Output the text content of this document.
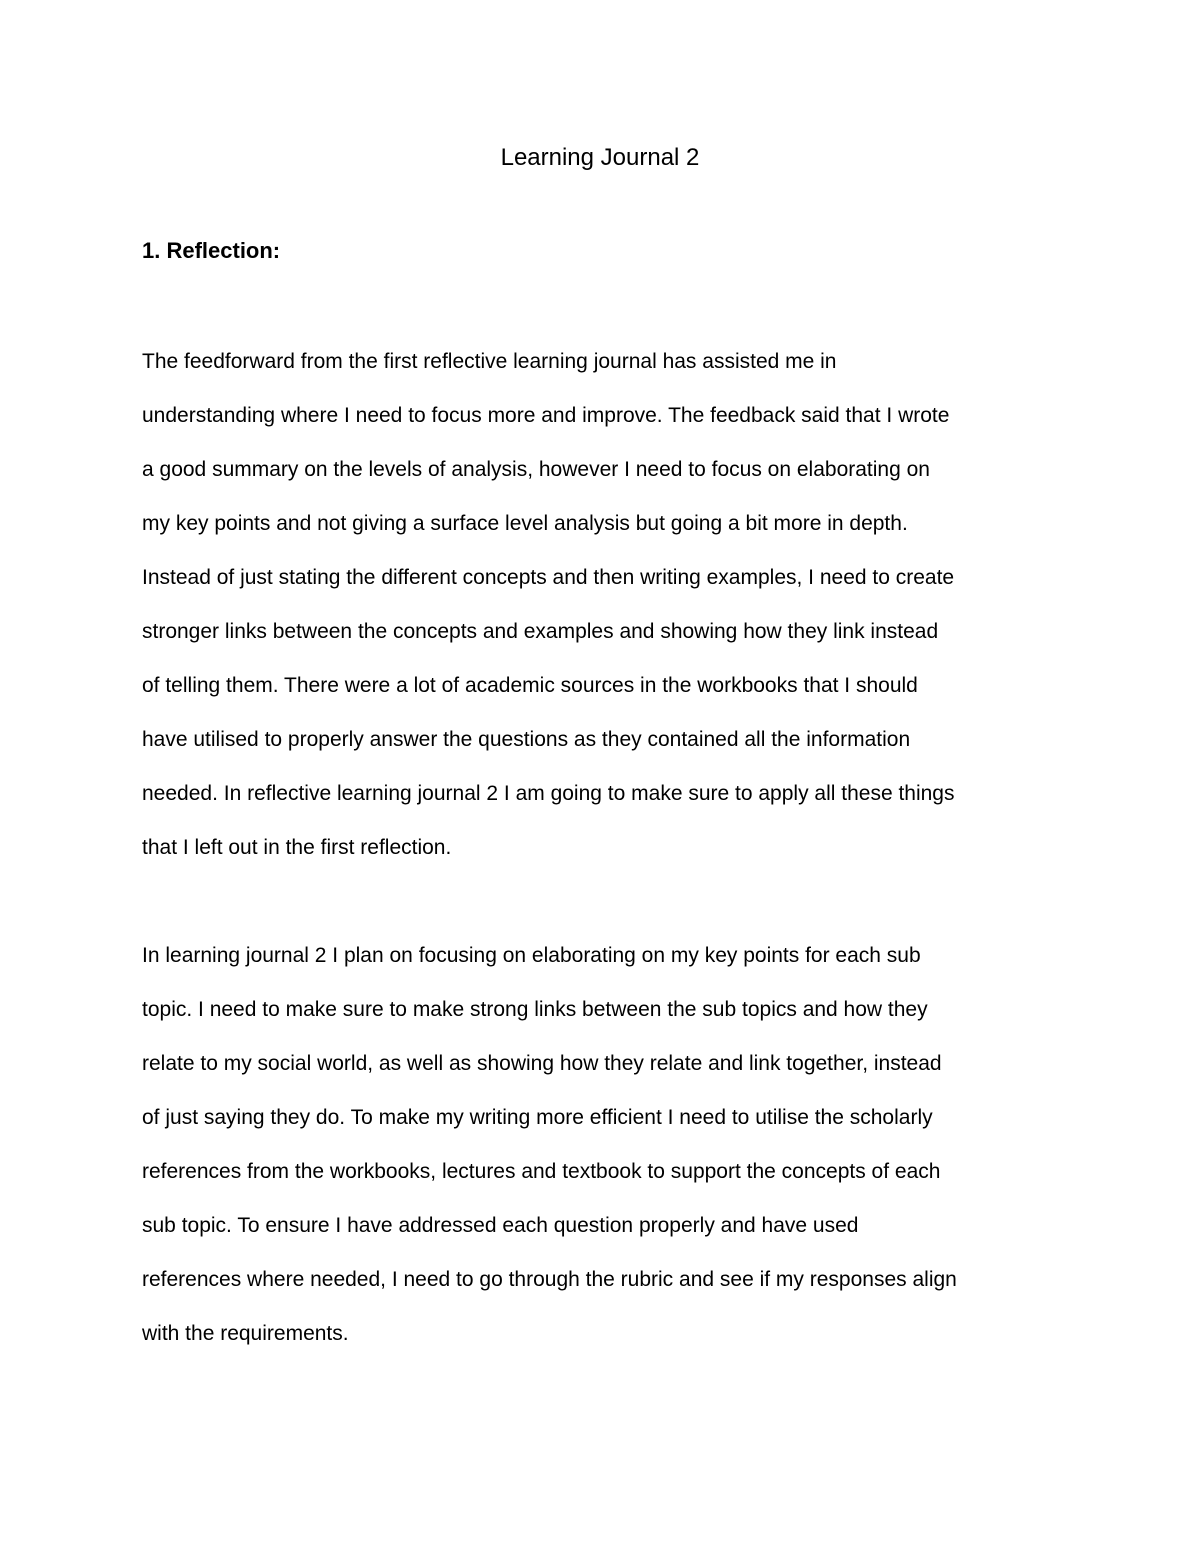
Learning Journal 2
1. Reflection:

The feedforward from the first reflective learning journal has assisted me in

understanding where I need to focus more and improve. The feedback said that I wrote

a good summary on the levels of analysis, however I need to focus on elaborating on

my key points and not giving a surface level analysis but going a bit more in depth.

Instead of just stating the different concepts and then writing examples, I need to create

stronger links between the concepts and examples and showing how they link instead

of telling them. There were a lot of academic sources in the workbooks that I should

have utilised to properly answer the questions as they contained all the information

needed. In reflective learning journal 2 I am going to make sure to apply all these things

that I left out in the first reflection.

In learning journal 2 I plan on focusing on elaborating on my key points for each sub

topic. I need to make sure to make strong links between the sub topics and how they

relate to my social world, as well as showing how they relate and link together, instead

of just saying they do. To make my writing more efficient I need to utilise the scholarly

references from the workbooks, lectures and textbook to support the concepts of each

sub topic. To ensure I have addressed each question properly and have used

references where needed, I need to go through the rubric and see if my responses align

with the requirements.
